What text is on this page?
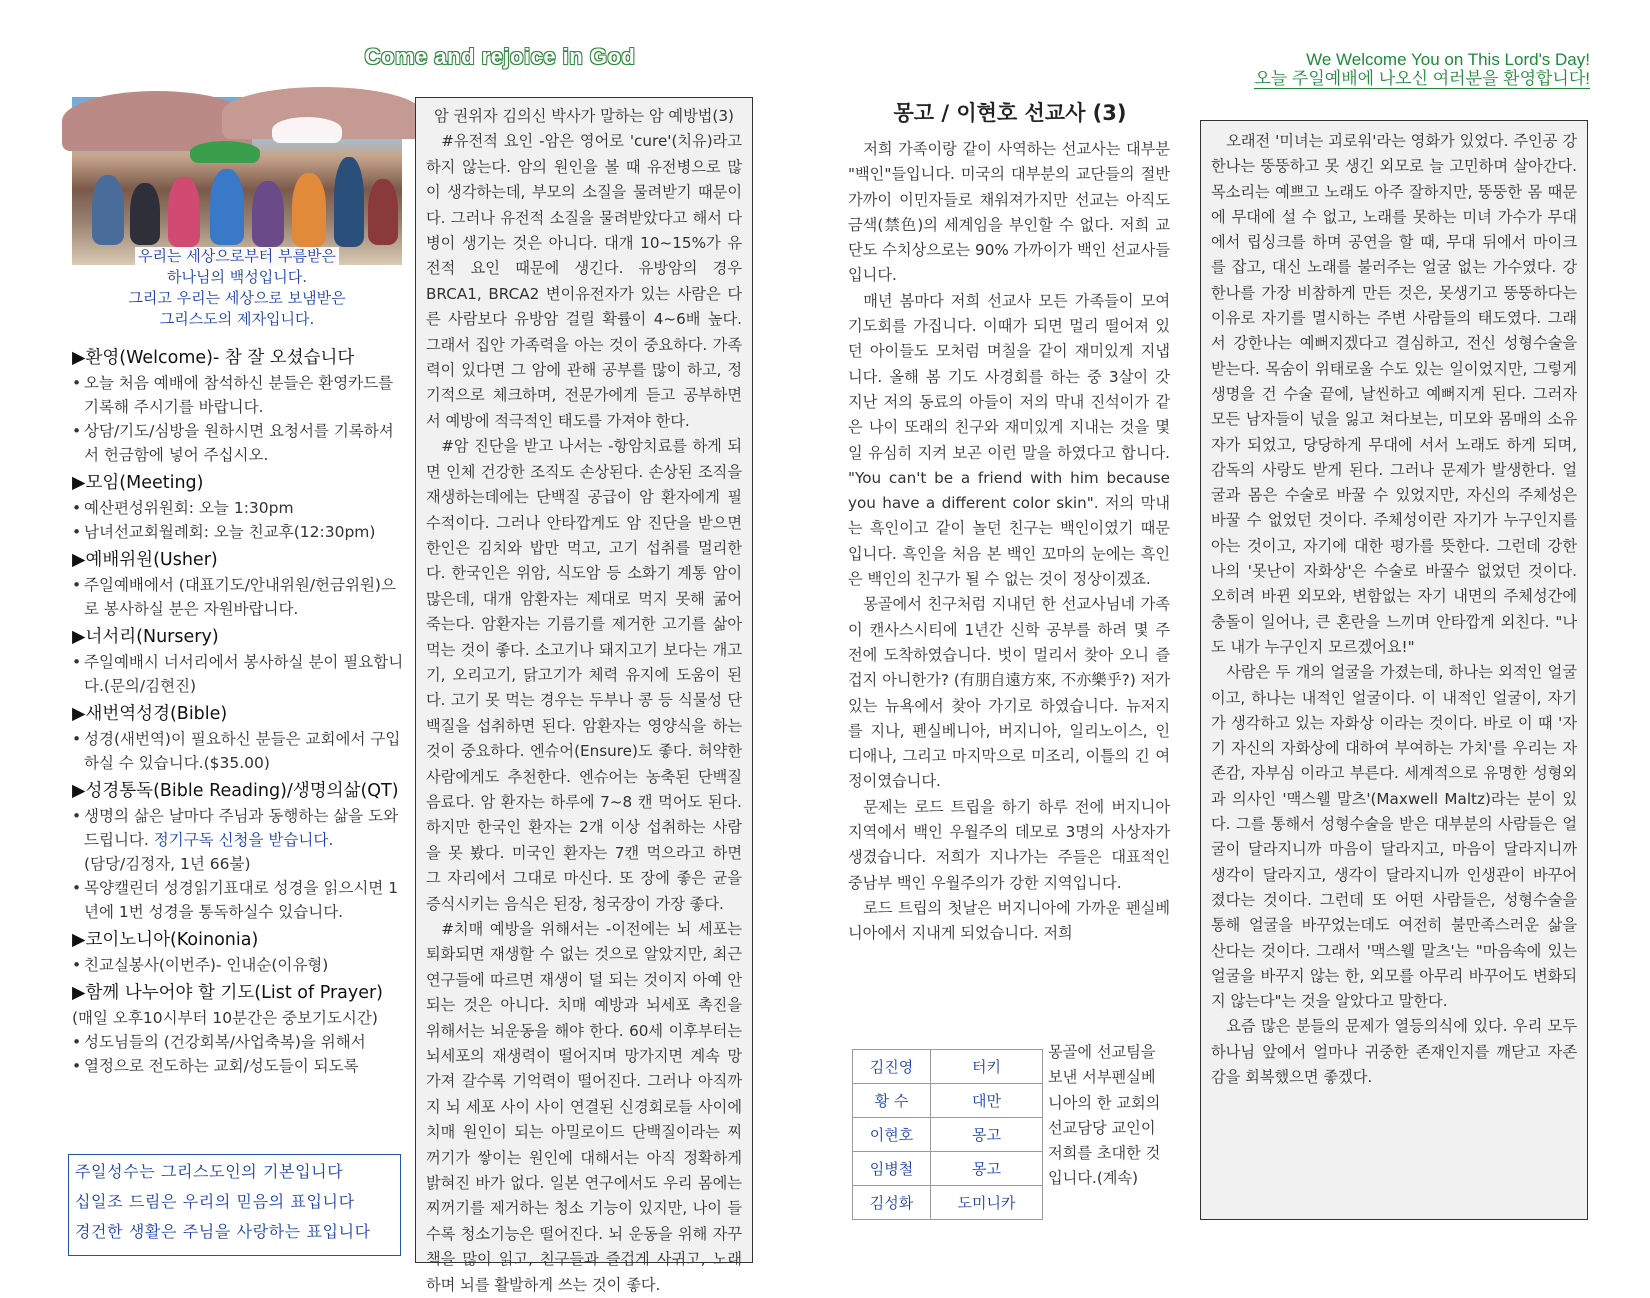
Come and rejoice in God	We Welcome You on This Lord's Day!
오늘 주일예배에 나오신 여러분을 환영합니다!
우리는 세상으로부터 부름받은
하나님의 백성입니다.
그리고 우리는 세상으로 보냄받은
그리스도의 제자입니다.
▶환영(Welcome)- 참 잘 오셨습니다
• 오늘 처음 예배에 참석하신 분들은 환영카드를 기록해 주시기를 바랍니다.
• 상담/기도/심방을 원하시면 요청서를 기록하셔서 헌금함에 넣어 주십시오.
▶모임(Meeting)
• 예산편성위원회: 오늘 1:30pm
• 남녀선교회월례회: 오늘 친교후(12:30pm)
▶예배위원(Usher)
• 주일예배에서 (대표기도/안내위원/헌금위원)으로 봉사하실 분은 자원바랍니다.
▶너서리(Nursery)
• 주일예배시 너서리에서 봉사하실 분이 필요합니다.(문의/김현진)
▶새번역성경(Bible)
• 성경(새번역)이 필요하신 분들은 교회에서 구입하실 수 있습니다.($35.00)
▶성경통독(Bible Reading)/생명의삶(QT)
• 생명의 삶은 날마다 주님과 동행하는 삶을 도와드립니다. 정기구독 신청을 받습니다.
(담당/김정자, 1년 66불)
• 목양캘린더 성경읽기표대로 성경을 읽으시면 1년에 1번 성경을 통독하실수 있습니다.
▶코이노니아(Koinonia)
• 친교실봉사(이번주)- 인내순(이유형)
▶함께 나누어야 할 기도(List of Prayer)
(매일 오후10시부터 10분간은 중보기도시간)
• 성도님들의 (건강회복/사업축복)을 위해서
• 열정으로 전도하는 교회/성도들이 되도록
주일성수는 그리스도인의 기본입니다
십일조 드림은 우리의 믿음의 표입니다
경건한 생활은 주님을 사랑하는 표입니다
암 권위자 김의신 박사가 말하는 암 예방법(3)

#유전적 요인 -암은 영어로 'cure'(치유)라고 하지 않는다. 암의 원인을 볼 때 유전병으로 많이 생각하는데, 부모의 소질을 물려받기 때문이다. 그러나 유전적 소질을 물려받았다고 해서 다 병이 생기는 것은 아니다. 대개 10~15%가 유전적 요인 때문에 생긴다. 유방암의 경우 BRCA1, BRCA2 변이유전자가 있는 사람은 다른 사람보다 유방암 걸릴 확률이 4~6배 높다. 그래서 집안 가족력을 아는 것이 중요하다. 가족력이 있다면 그 암에 관해 공부를 많이 하고, 정기적으로 체크하며, 전문가에게 듣고 공부하면서 예방에 적극적인 태도를 가져야 한다.

#암 진단을 받고 나서는 -항암치료를 하게 되면 인체 건강한 조직도 손상된다. 손상된 조직을 재생하는데에는 단백질 공급이 암 환자에게 필수적이다. 그러나 안타깝게도 암 진단을 받으면 한인은 김치와 밥만 먹고, 고기 섭취를 멀리한다. 한국인은 위암, 식도암 등 소화기 계통 암이 많은데, 대개 암환자는 제대로 먹지 못해 굶어 죽는다. 암환자는 기름기를 제거한 고기를 삶아 먹는 것이 좋다. 소고기나 돼지고기 보다는 개고기, 오리고기, 닭고기가 체력 유지에 도움이 된다. 고기 못 먹는 경우는 두부나 콩 등 식물성 단백질을 섭취하면 된다. 암환자는 영양식을 하는 것이 중요하다. 엔슈어(Ensure)도 좋다. 허약한 사람에게도 추천한다. 엔슈어는 농축된 단백질 음료다. 암 환자는 하루에 7~8 캔 먹어도 된다. 하지만 한국인 환자는 2개 이상 섭취하는 사람을 못 봤다. 미국인 환자는 7캔 먹으라고 하면 그 자리에서 그대로 마신다. 또 장에 좋은 균을 증식시키는 음식은 된장, 청국장이 가장 좋다.

#치매 예방을 위해서는 -이전에는 뇌 세포는 퇴화되면 재생할 수 없는 것으로 알았지만, 최근 연구들에 따르면 재생이 덜 되는 것이지 아예 안 되는 것은 아니다. 치매 예방과 뇌세포 촉진을 위해서는 뇌운동을 해야 한다. 60세 이후부터는 뇌세포의 재생력이 떨어지며 망가지면 계속 망가져 갈수록 기억력이 떨어진다. 그러나 아직까지 뇌 세포 사이 사이 연결된 신경회로들 사이에 치매 원인이 되는 아밀로이드 단백질이라는 찌꺼기가 쌓이는 원인에 대해서는 아직 정확하게 밝혀진 바가 없다. 일본 연구에서도 우리 몸에는 찌꺼기를 제거하는 청소 기능이 있지만, 나이 들수록 청소기능은 떨어진다. 뇌 운동을 위해 자꾸 책을 많이 읽고, 친구들과 즐겁게 사귀고, 노래하며 뇌를 활발하게 쓰는 것이 좋다.

몽고 / 이현호 선교사 (3)

저희 가족이랑 같이 사역하는 선교사는 대부분 "백인"들입니다. 미국의 대부분의 교단들의 절반 가까이 이민자들로 채워져가지만 선교는 아직도 금색(禁色)의 세계임을 부인할 수 없다. 저희 교단도 수치상으로는 90% 가까이가 백인 선교사들입니다.

매년 봄마다 저희 선교사 모든 가족들이 모여 기도회를 가집니다. 이때가 되면 멀리 떨어져 있던 아이들도 모처럼 며칠을 같이 재미있게 지냅니다. 올해 봄 기도 사경회를 하는 중 3살이 갓 지난 저의 동료의 아들이 저의 막내 진석이가 같은 나이 또래의 친구와 재미있게 지내는 것을 몇일 유심히 지켜 보곤 이런 말을 하였다고 합니다. "You can't be a friend with him because you have a different color skin". 저의 막내는 흑인이고 같이 놀던 친구는 백인이였기 때문입니다. 흑인을 처음 본 백인 꼬마의 눈에는 흑인은 백인의 친구가 될 수 없는 것이 정상이겠죠.

몽골에서 친구처럼 지내던 한 선교사님네 가족이 캔사스시티에 1년간 신학 공부를 하려 몇 주 전에 도착하였습니다. 벗이 멀리서 찾아 오니 즐겁지 아니한가? (有朋自遠方來, 不亦樂乎?) 저가 있는 뉴욕에서 찾아 가기로 하였습니다. 뉴저지를 지나, 펜실베니아, 버지니아, 일리노이스, 인디애나, 그리고 마지막으로 미조리, 이틀의 긴 여정이였습니다.

문제는 로드 트립을 하기 하루 전에 버지니아 지역에서 백인 우월주의 데모로 3명의 사상자가 생겼습니다. 저희가 지나가는 주들은 대표적인 중남부 백인 우월주의가 강한 지역입니다.

로드 트립의 첫날은 버지니아에 가까운 펜실베니아에서 지내게 되었습니다. 저희

몽골에 선교팀을 보낸 서부펜실베니아의 한 교회의 선교담당 교인이 저희를 초대한 것입니다.(계속)
김진영	터키
황 수	대만
이현호	몽고
임병철	몽고
김성화	도미니카

오래전 '미녀는 괴로워'라는 영화가 있었다. 주인공 강한나는 뚱뚱하고 못 생긴 외모로 늘 고민하며 살아간다. 목소리는 예쁘고 노래도 아주 잘하지만, 뚱뚱한 몸 때문에 무대에 설 수 없고, 노래를 못하는 미녀 가수가 무대에서 립싱크를 하며 공연을 할 때, 무대 뒤에서 마이크를 잡고, 대신 노래를 불러주는 얼굴 없는 가수였다. 강한나를 가장 비참하게 만든 것은, 못생기고 뚱뚱하다는 이유로 자기를 멸시하는 주변 사람들의 태도였다. 그래서 강한나는 예뻐지겠다고 결심하고, 전신 성형수술을 받는다. 목숨이 위태로울 수도 있는 일이었지만, 그렇게 생명을 건 수술 끝에, 날씬하고 예뻐지게 된다. 그러자 모든 남자들이 넋을 잃고 쳐다보는, 미모와 몸매의 소유자가 되었고, 당당하게 무대에 서서 노래도 하게 되며, 감독의 사랑도 받게 된다. 그러나 문제가 발생한다. 얼굴과 몸은 수술로 바꿀 수 있었지만, 자신의 주체성은 바꿀 수 없었던 것이다. 주체성이란 자기가 누구인지를 아는 것이고, 자기에 대한 평가를 뜻한다. 그런데 강한나의 '못난이 자화상'은 수술로 바꿀수 없었던 것이다. 오히려 바뀐 외모와, 변함없는 자기 내면의 주체성간에 충돌이 일어나, 큰 혼란을 느끼며 안타깝게 외친다. "나도 내가 누구인지 모르겠어요!"

사람은 두 개의 얼굴을 가졌는데, 하나는 외적인 얼굴이고, 하나는 내적인 얼굴이다. 이 내적인 얼굴이, 자기가 생각하고 있는 자화상 이라는 것이다. 바로 이 때 '자기 자신의 자화상에 대하여 부여하는 가치'를 우리는 자존감, 자부심 이라고 부른다. 세계적으로 유명한 성형외과 의사인 '맥스웰 말츠'(Maxwell Maltz)라는 분이 있다. 그를 통해서 성형수술을 받은 대부분의 사람들은 얼굴이 달라지니까 마음이 달라지고, 마음이 달라지니까 생각이 달라지고, 생각이 달라지니까 인생관이 바꾸어졌다는 것이다. 그런데 또 어떤 사람들은, 성형수술을 통해 얼굴을 바꾸었는데도 여전히 불만족스러운 삶을 산다는 것이다. 그래서 '맥스웰 말츠'는 "마음속에 있는 얼굴을 바꾸지 않는 한, 외모를 아무리 바꾸어도 변화되지 않는다"는 것을 알았다고 말한다.

요즘 많은 분들의 문제가 열등의식에 있다. 우리 모두 하나님 앞에서 얼마나 귀중한 존재인지를 깨닫고 자존감을 회복했으면 좋겠다.
